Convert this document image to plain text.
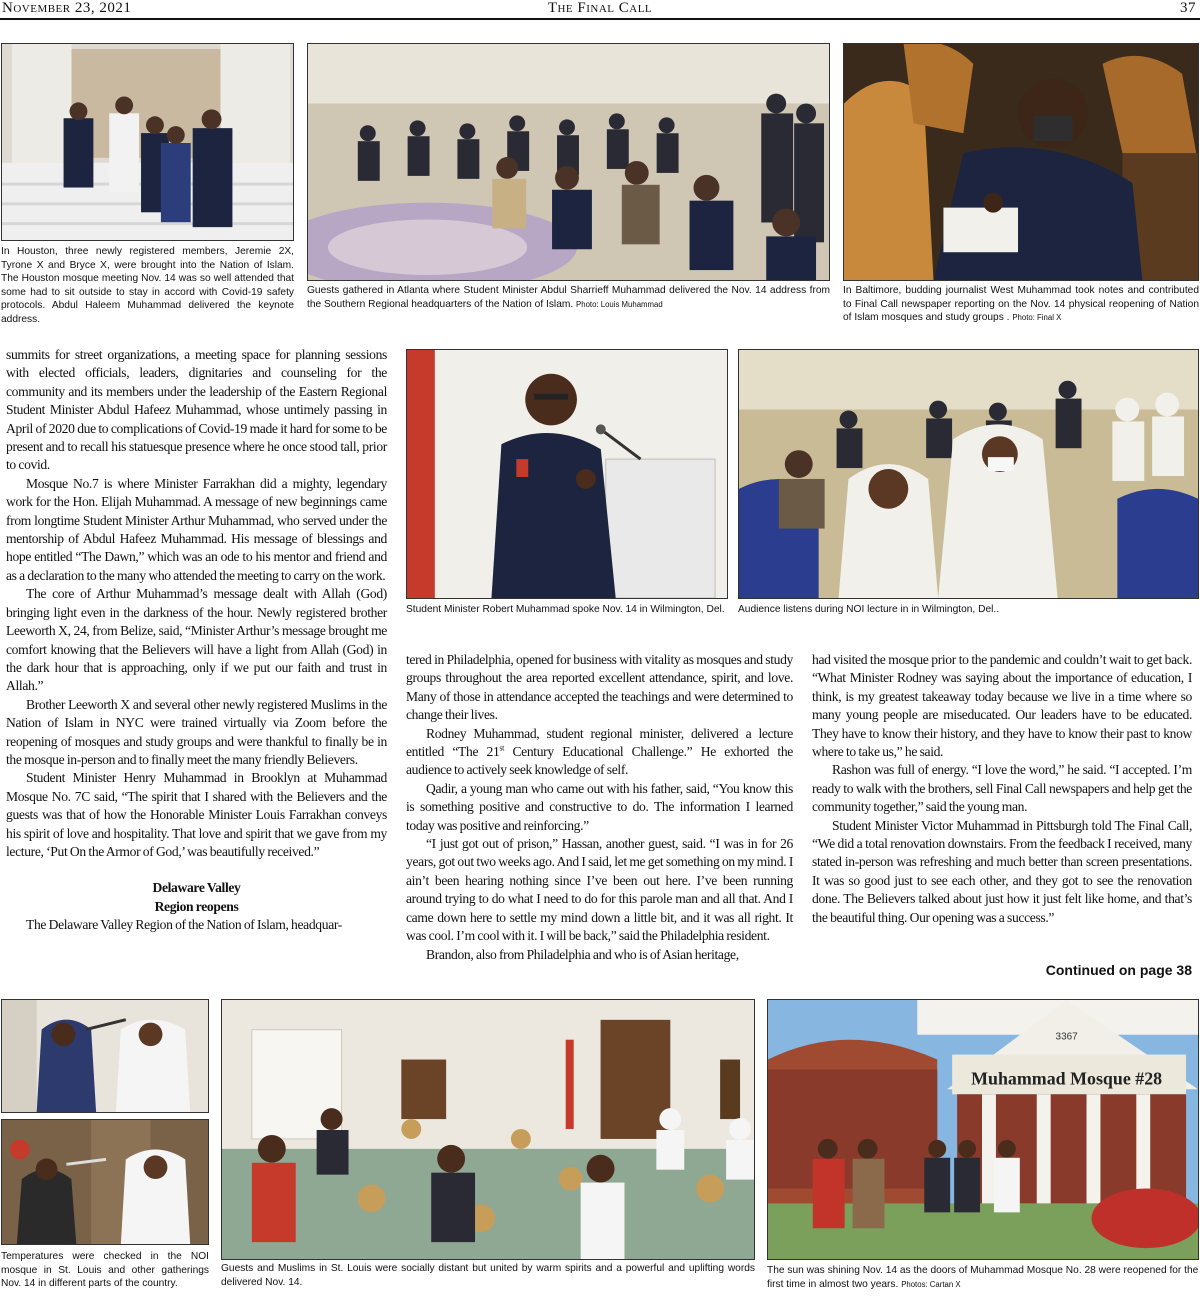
November 23, 2021	The Final Call	37
In Houston, three newly registered members, Jeremie 2X, Tyrone X and Bryce X, were brought into the Nation of Islam. The Houston mosque meeting Nov. 14 was so well attended that some had to sit outside to stay in accord with Covid-19 safety protocols. Abdul Haleem Muhammad delivered the keynote address.
Guests gathered in Atlanta where Student Minister Abdul Sharrieff Muhammad delivered the Nov. 14 address from the Southern Regional headquarters of the Nation of Islam. Photo: Louis Muhammad
In Baltimore, budding journalist West Muhammad took notes and contributed to Final Call newspaper reporting on the Nov. 14 physical reopening of Nation of Islam mosques and study groups . Photo: Final X

summits for street organizations, a meeting space for planning sessions with elected officials, leaders, dignitaries and counseling for the community and its members under the leadership of the Eastern Regional Student Minister Abdul Hafeez Muhammad, whose untimely passing in April of 2020 due to complications of Covid-19 made it hard for some to be present and to recall his statuesque presence where he once stood tall, prior to covid.

Mosque No.7 is where Minister Farrakhan did a mighty, legendary work for the Hon. Elijah Muhammad. A message of new beginnings came from longtime Student Minister Arthur Muhammad, who served under the mentorship of Abdul Hafeez Muhammad. His message of blessings and hope entitled “The Dawn,” which was an ode to his mentor and friend and as a declaration to the many who attended the meeting to carry on the work.

The core of Arthur Muhammad’s message dealt with Allah (God) bringing light even in the darkness of the hour. Newly registered brother Leeworth X, 24, from Belize, said, “Minister Arthur’s message brought me comfort knowing that the Believers will have a light from Allah (God) in the dark hour that is approaching, only if we put our faith and trust in Allah.”

Brother Leeworth X and several other newly registered Muslims in the Nation of Islam in NYC were trained virtually via Zoom before the reopening of mosques and study groups and were thankful to finally be in the mosque in-person and to finally meet the many friendly Believers.

Student Minister Henry Muhammad in Brooklyn at Muhammad Mosque No. 7C said, “The spirit that I shared with the Believers and the guests was that of how the Honorable Minister Louis Farrakhan conveys his spirit of love and hospitality. That love and spirit that we gave from my lecture, ‘Put On the Armor of God,’ was beautifully received.”

Delaware Valley
Region reopens

The Delaware Valley Region of the Nation of Islam, headquar-

Student Minister Robert Muhammad spoke Nov. 14 in Wilmington, Del.	Audience listens during NOI lecture in in Wilmington, Del..

tered in Philadelphia, opened for business with vitality as mosques and study groups throughout the area reported excellent attendance, spirit, and love. Many of those in attendance accepted the teachings and were determined to change their lives.

Rodney Muhammad, student regional minister, delivered a lecture entitled “The 21st Century Educational Challenge.” He exhorted the audience to actively seek knowledge of self.

Qadir, a young man who came out with his father, said, “You know this is something positive and constructive to do. The information I learned today was positive and reinforcing.”

“I just got out of prison,” Hassan, another guest, said. “I was in for 26 years, got out two weeks ago. And I said, let me get something on my mind. I ain’t been hearing nothing since I’ve been out here. I’ve been running around trying to do what I need to do for this parole man and all that. And I came down here to settle my mind down a little bit, and it was all right. It was cool. I’m cool with it. I will be back,” said the Philadelphia resident.

Brandon, also from Philadelphia and who is of Asian heritage,

had visited the mosque prior to the pandemic and couldn’t wait to get back. “What Minister Rodney was saying about the importance of education, I think, is my greatest takeaway today because we live in a time where so many young people are miseducated. Our leaders have to be educated. They have to know their history, and they have to know their past to know where to take us,” he said.

Rashon was full of energy. “I love the word,” he said. “I accepted. I’m ready to walk with the brothers, sell Final Call newspapers and help get the community together,” said the young man.

Student Minister Victor Muhammad in Pittsburgh told The Final Call, “We did a total renovation downstairs. From the feedback I received, many stated in-person was refreshing and much better than screen presentations. It was so good just to see each other, and they got to see the renovation done. The Believers talked about just how it just felt like home, and that’s the beautiful thing. Our opening was a success.”

Continued on page 38
Temperatures were checked in the NOI mosque in St. Louis and other gatherings Nov. 14 in different parts of the country.
Guests and Muslims in St. Louis were socially distant but united by warm spirits and a powerful and uplifting words delivered Nov. 14.
Muhammad Mosque #28
3367
The sun was shining Nov. 14 as the doors of Muhammad Mosque No. 28 were reopened for the first time in almost two years. Photos: Cartan X
